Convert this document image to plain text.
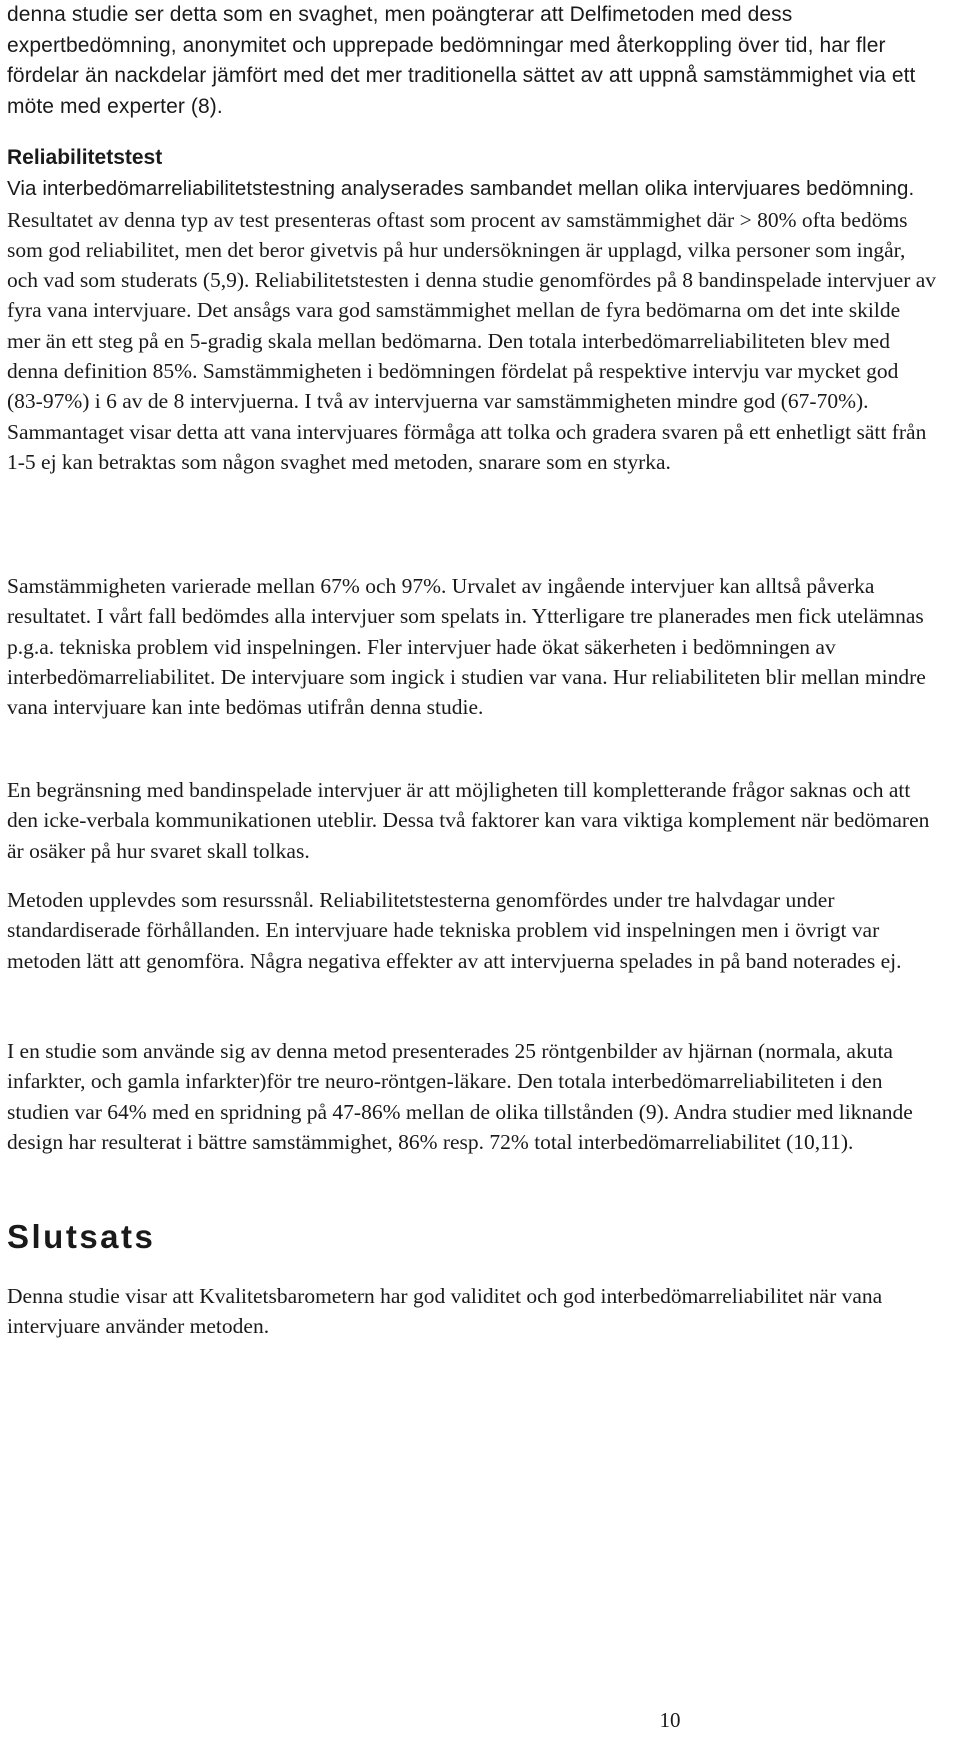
denna studie ser detta som en svaghet, men poängterar att Delfimetoden med dess expertbedömning, anonymitet och upprepade bedömningar med återkoppling över tid, har fler fördelar än nackdelar jämfört med det mer traditionella sättet av att uppnå samstämmighet via ett möte med experter (8).

Reliabilitetstest

Via interbedömarreliabilitetstestning analyserades sambandet mellan olika intervjuares bedömning. Resultatet av denna typ av test presenteras oftast som procent av samstämmighet där > 80% ofta bedöms som god reliabilitet, men det beror givetvis på hur undersökningen är upplagd, vilka personer som ingår, och vad som studerats (5,9). Reliabilitetstesten i denna studie genomfördes på 8 bandinspelade intervjuer av fyra vana intervjuare. Det ansågs vara god samstämmighet mellan de fyra bedömarna om det inte skilde mer än ett steg på en 5-gradig skala mellan bedömarna. Den totala interbedömarreliabiliteten blev med denna definition 85%. Samstämmigheten i bedömningen fördelat på respektive intervju var mycket god (83-97%) i 6 av de 8 intervjuerna. I två av intervjuerna var samstämmigheten mindre god (67-70%). Sammantaget visar detta att vana intervjuares förmåga att tolka och gradera svaren på ett enhetligt sätt från 1-5 ej kan betraktas som någon svaghet med metoden, snarare som en styrka.

Samstämmigheten varierade mellan 67% och 97%. Urvalet av ingående intervjuer kan alltså påverka resultatet. I vårt fall bedömdes alla intervjuer som spelats in. Ytterligare tre planerades men fick utelämnas p.g.a. tekniska problem vid inspelningen. Fler intervjuer hade ökat säkerheten i bedömningen av interbedömarreliabilitet. De intervjuare som ingick i studien var vana. Hur reliabiliteten blir mellan mindre vana intervjuare kan inte bedömas utifrån denna studie.

En begränsning med bandinspelade intervjuer är att möjligheten till kompletterande frågor saknas och att den icke-verbala kommunikationen uteblir. Dessa två faktorer kan vara viktiga komplement när bedömaren är osäker på hur svaret skall tolkas.

Metoden upplevdes som resurssnål. Reliabilitetstesterna genomfördes under tre halvdagar under standardiserade förhållanden. En intervjuare hade tekniska problem vid inspelningen men i övrigt var metoden lätt att genomföra. Några negativa effekter av att intervjuerna spelades in på band noterades ej.

I en studie som använde sig av denna metod presenterades 25 röntgenbilder av hjärnan (normala, akuta infarkter, och gamla infarkter)för tre neuro-röntgen-läkare. Den totala interbedömarreliabiliteten i den studien var 64% med en spridning på 47-86% mellan de olika tillstånden (9). Andra studier med liknande design har resulterat i bättre samstämmighet, 86% resp. 72% total interbedömarreliabilitet (10,11).

Slutsats

Denna studie visar att Kvalitetsbarometern har god validitet och god interbedömarreliabilitet när vana intervjuare använder metoden.

10
